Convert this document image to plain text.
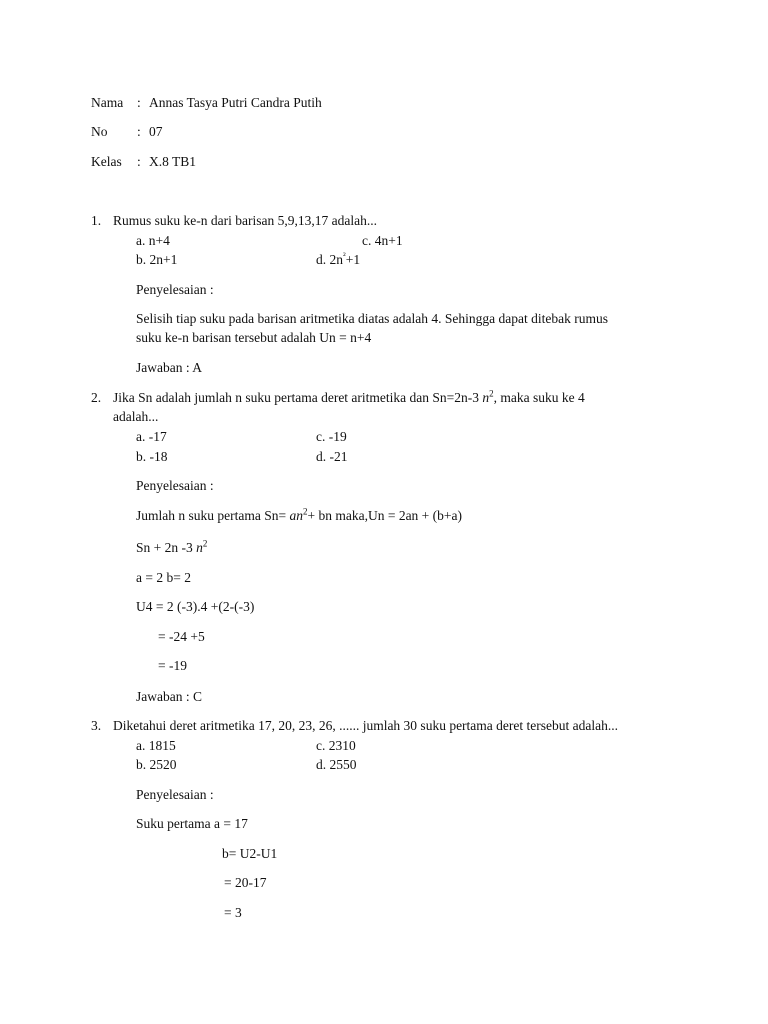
Nama : Annas Tasya Putri Candra Putih
No : 07
Kelas : X.8 TB1
1. Rumus suku ke-n dari barisan 5,9,13,17 adalah...
a. n+4	c. 4n+1
b. 2n+1	d. $2n^{^2}+1$
Penyelesaian :
Selisih tiap suku pada barisan aritmetika diatas adalah 4. Sehingga dapat ditebak rumus
suku ke-n barisan tersebut adalah Un = n+4
Jawaban : A
2. Jika Sn adalah jumlah n suku pertama deret aritmetika dan Sn=2n-3 $n^2$, maka suku ke 4
adalah...
a. -17	c. -19
b. -18	d. -21
Penyelesaian :
Jumlah n suku pertama $Sn= an^2+$ bn maka,Un = 2an + (b+a)
Sn + 2n -3 $n^2$
a = 2 b= 2
U4 = 2 (-3).4 +(2-(-3)
= -24 +5
= -19
Jawaban : C
3. Diketahui deret aritmetika 17, 20, 23, 26, ...... jumlah 30 suku pertama deret tersebut adalah...
a. 1815	c. 2310
b. 2520	d. 2550
Penyelesaian :
Suku pertama a = 17
b= U2-U1
= 20-17
= 3
